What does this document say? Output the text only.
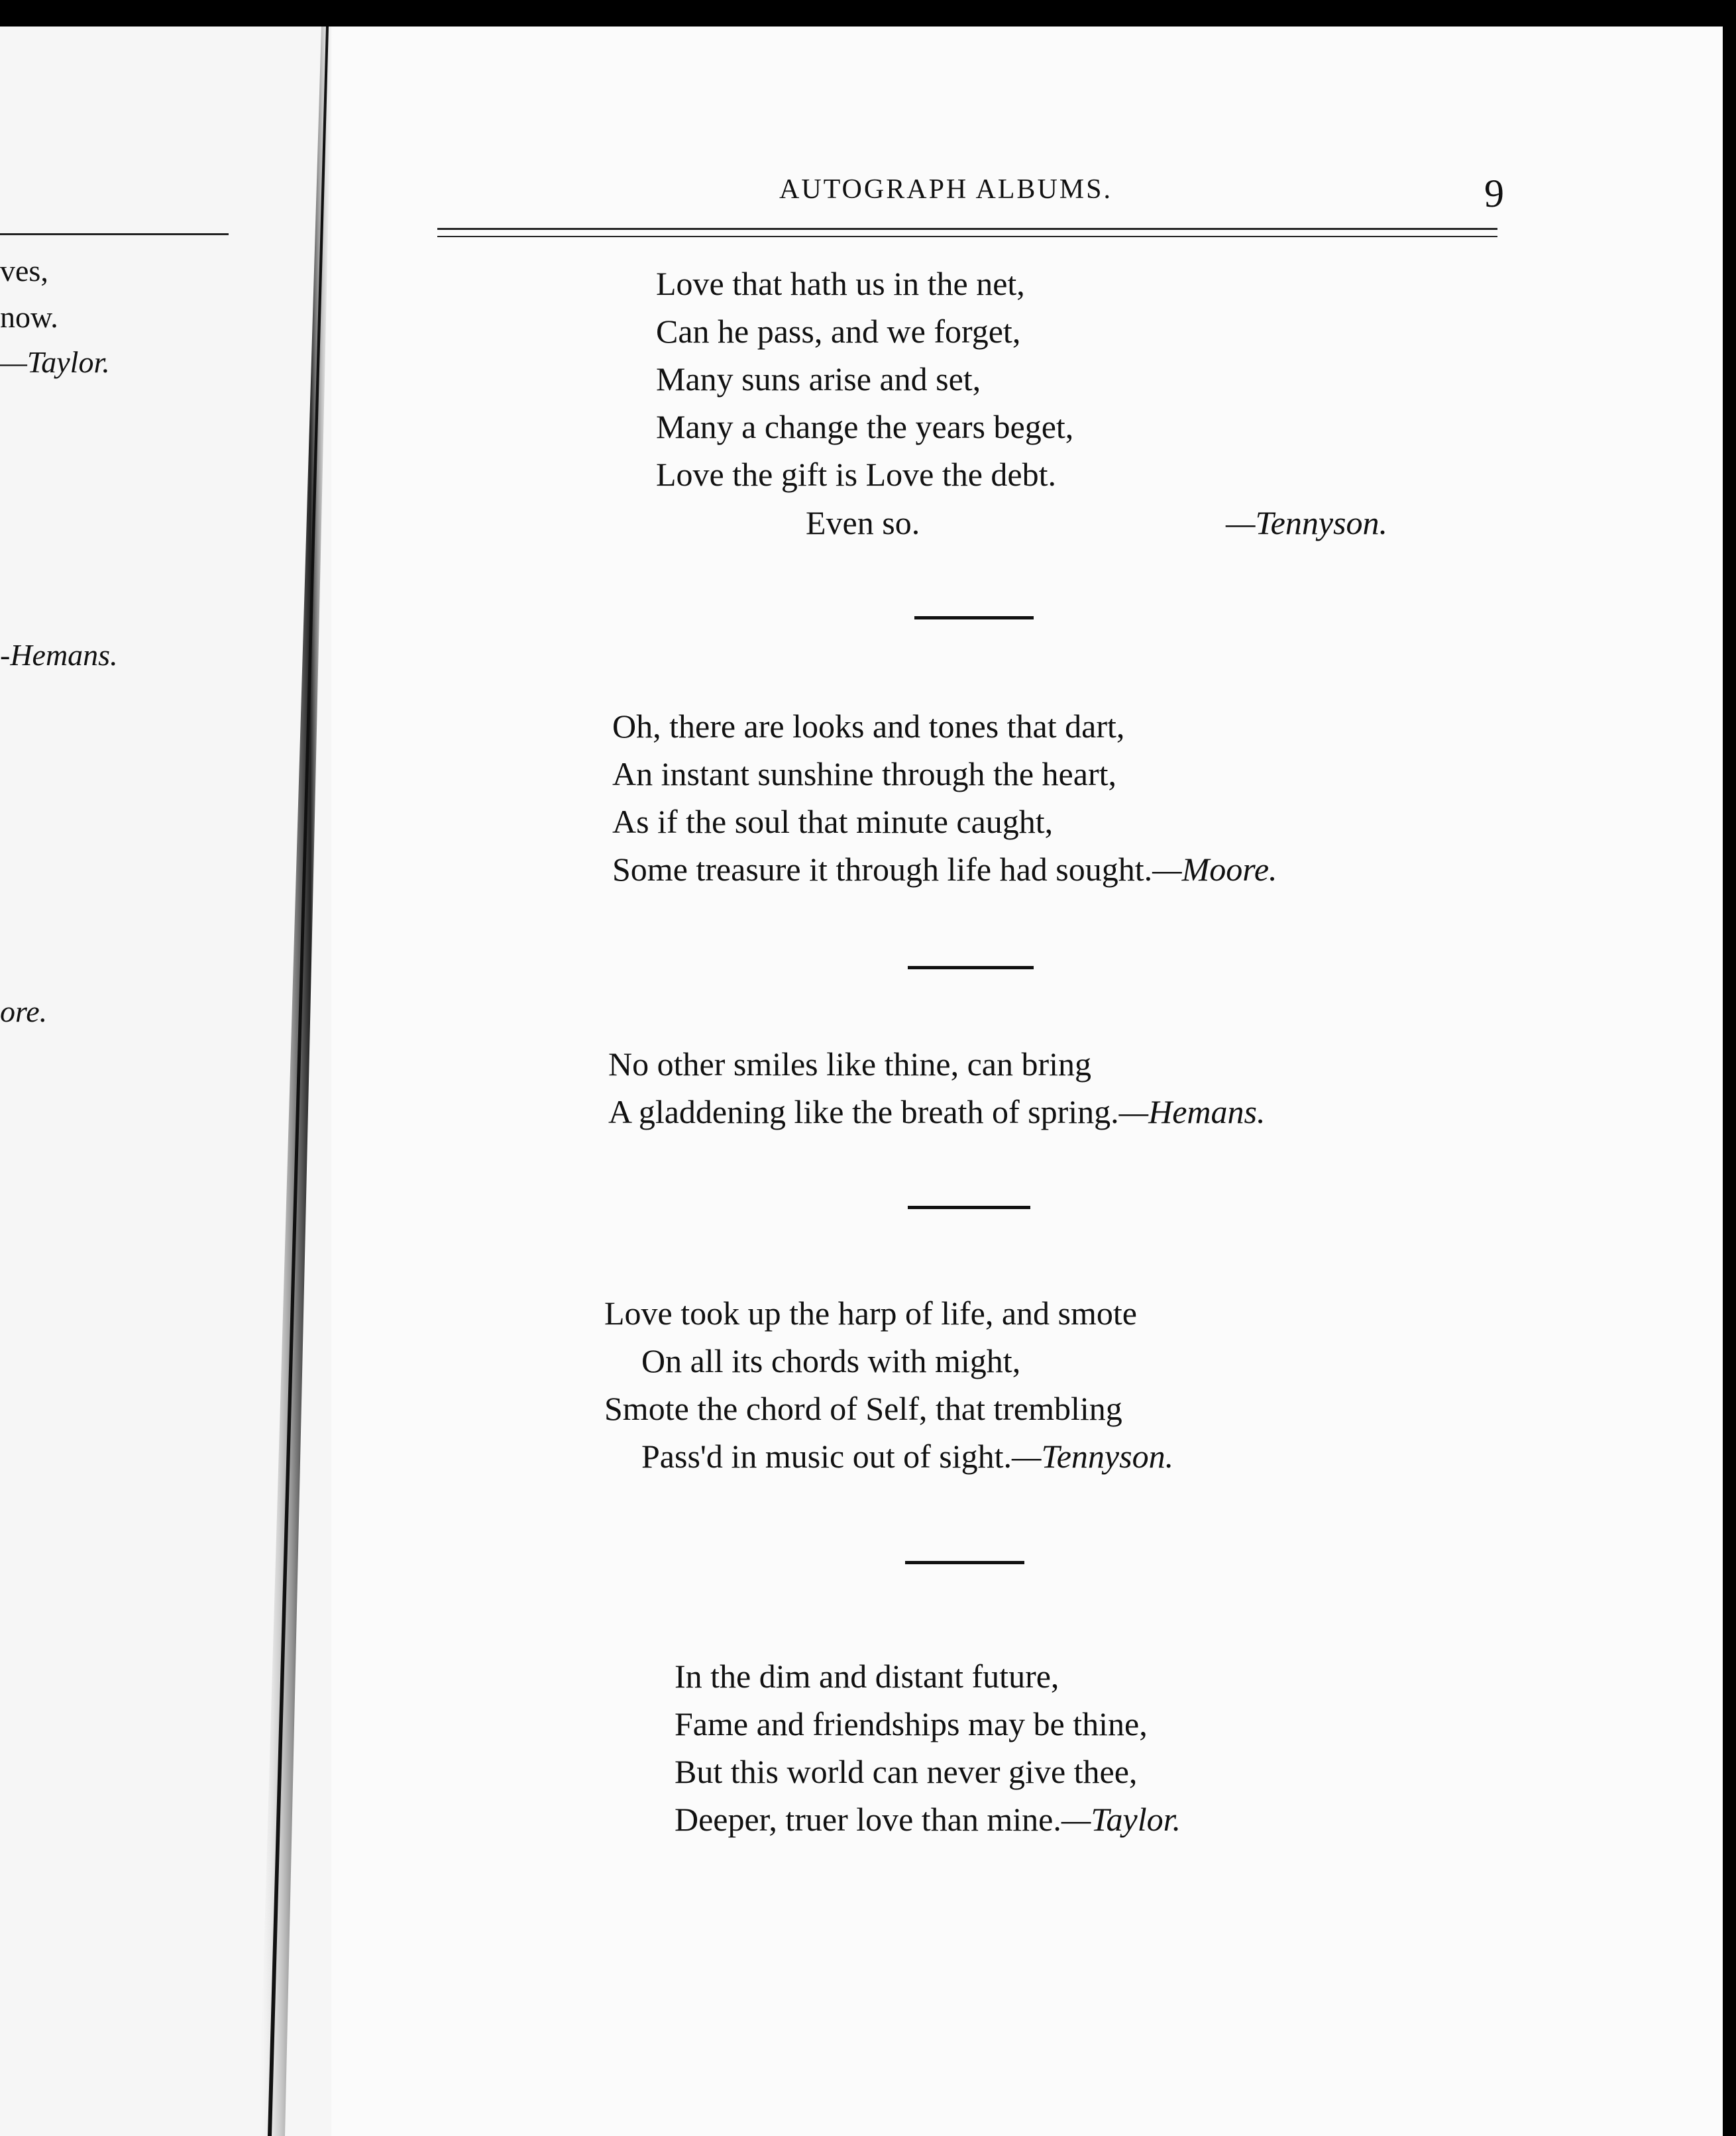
ves,
now.
—Taylor.
-Hemans.
ore.
AUTOGRAPH ALBUMS.	9
Love that hath us in the net,
Can he pass, and we forget,
Many suns arise and set,
Many a change the years beget,
Love the gift is Love the debt.
Even so.	—Tennyson.
Oh, there are looks and tones that dart,
An instant sunshine through the heart,
As if the soul that minute caught,
Some treasure it through life had sought.—Moore.
No other smiles like thine, can bring
A gladdening like the breath of spring.—Hemans.
Love took up the harp of life, and smote
On all its chords with might,
Smote the chord of Self, that trembling
Pass'd in music out of sight.—Tennyson.
In the dim and distant future,
Fame and friendships may be thine,
But this world can never give thee,
Deeper, truer love than mine.—Taylor.
